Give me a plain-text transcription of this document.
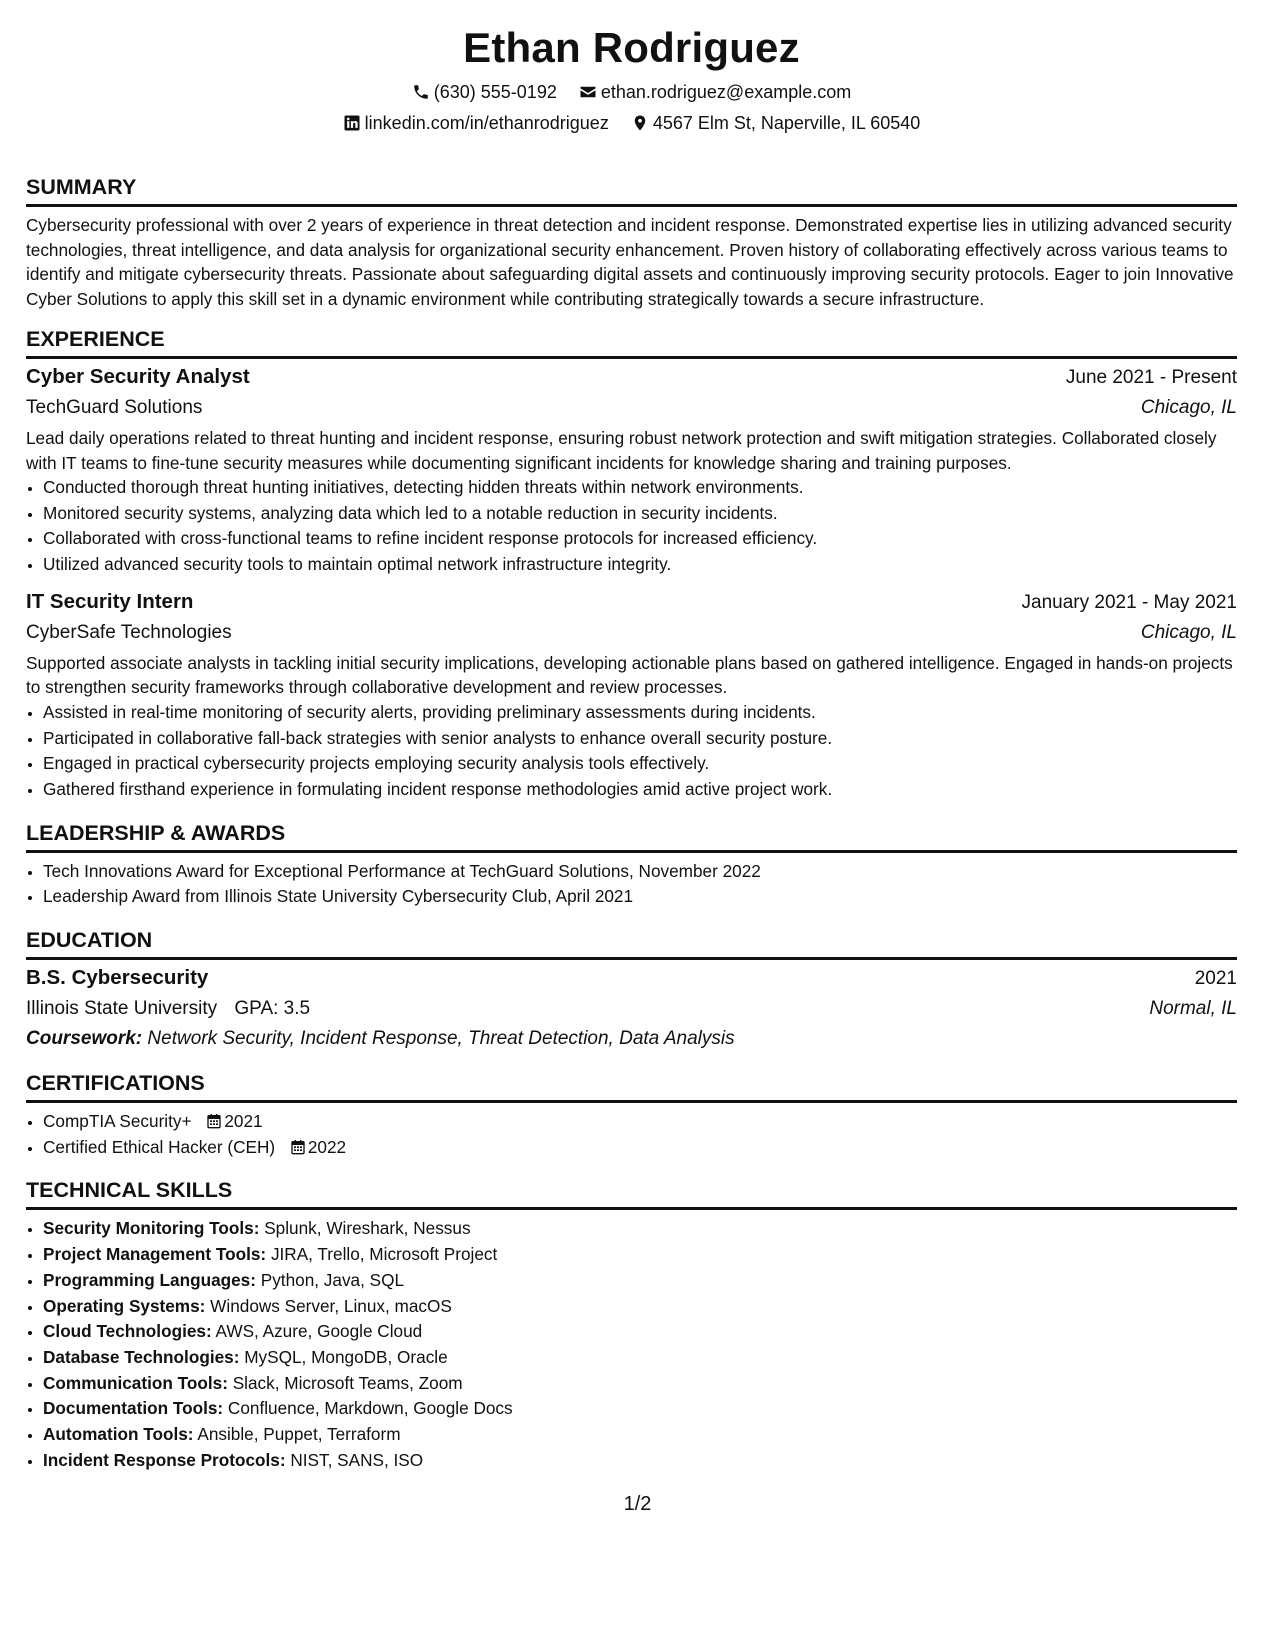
Ethan Rodriguez
(630) 555-0192 ethan.rodriguez@example.com
linkedin.com/in/ethanrodriguez 4567 Elm St, Naperville, IL 60540
SUMMARY

Cybersecurity professional with over 2 years of experience in threat detection and incident response. Demonstrated expertise lies in utilizing advanced security technologies, threat intelligence, and data analysis for organizational security enhancement. Proven history of collaborating effectively across various teams to identify and mitigate cybersecurity threats. Passionate about safeguarding digital assets and continuously improving security protocols. Eager to join Innovative Cyber Solutions to apply this skill set in a dynamic environment while contributing strategically towards a secure infrastructure.

EXPERIENCE
Cyber Security Analyst	June 2021 - Present
TechGuard Solutions	Chicago, IL

Lead daily operations related to threat hunting and incident response, ensuring robust network protection and swift mitigation strategies. Collaborated closely with IT teams to fine-tune security measures while documenting significant incidents for knowledge sharing and training purposes.

• Conducted thorough threat hunting initiatives, detecting hidden threats within network environments.
• Monitored security systems, analyzing data which led to a notable reduction in security incidents.
• Collaborated with cross-functional teams to refine incident response protocols for increased efficiency.
• Utilized advanced security tools to maintain optimal network infrastructure integrity.
IT Security Intern	January 2021 - May 2021
CyberSafe Technologies	Chicago, IL

Supported associate analysts in tackling initial security implications, developing actionable plans based on gathered intelligence. Engaged in hands-on projects to strengthen security frameworks through collaborative development and review processes.

• Assisted in real-time monitoring of security alerts, providing preliminary assessments during incidents.
• Participated in collaborative fall-back strategies with senior analysts to enhance overall security posture.
• Engaged in practical cybersecurity projects employing security analysis tools effectively.
• Gathered firsthand experience in formulating incident response methodologies amid active project work.
LEADERSHIP & AWARDS
• Tech Innovations Award for Exceptional Performance at TechGuard Solutions, November 2022
• Leadership Award from Illinois State University Cybersecurity Club, April 2021
EDUCATION
B.S. Cybersecurity	2021
Illinois State University GPA: 3.5	Normal, IL
Coursework: Network Security, Incident Response, Threat Detection, Data Analysis
CERTIFICATIONS
• CompTIA Security+ 2021
• Certified Ethical Hacker (CEH) 2022
TECHNICAL SKILLS
• Security Monitoring Tools: Splunk, Wireshark, Nessus
• Project Management Tools: JIRA, Trello, Microsoft Project
• Programming Languages: Python, Java, SQL
• Operating Systems: Windows Server, Linux, macOS
• Cloud Technologies: AWS, Azure, Google Cloud
• Database Technologies: MySQL, MongoDB, Oracle
• Communication Tools: Slack, Microsoft Teams, Zoom
• Documentation Tools: Confluence, Markdown, Google Docs
• Automation Tools: Ansible, Puppet, Terraform
• Incident Response Protocols: NIST, SANS, ISO
1/2
